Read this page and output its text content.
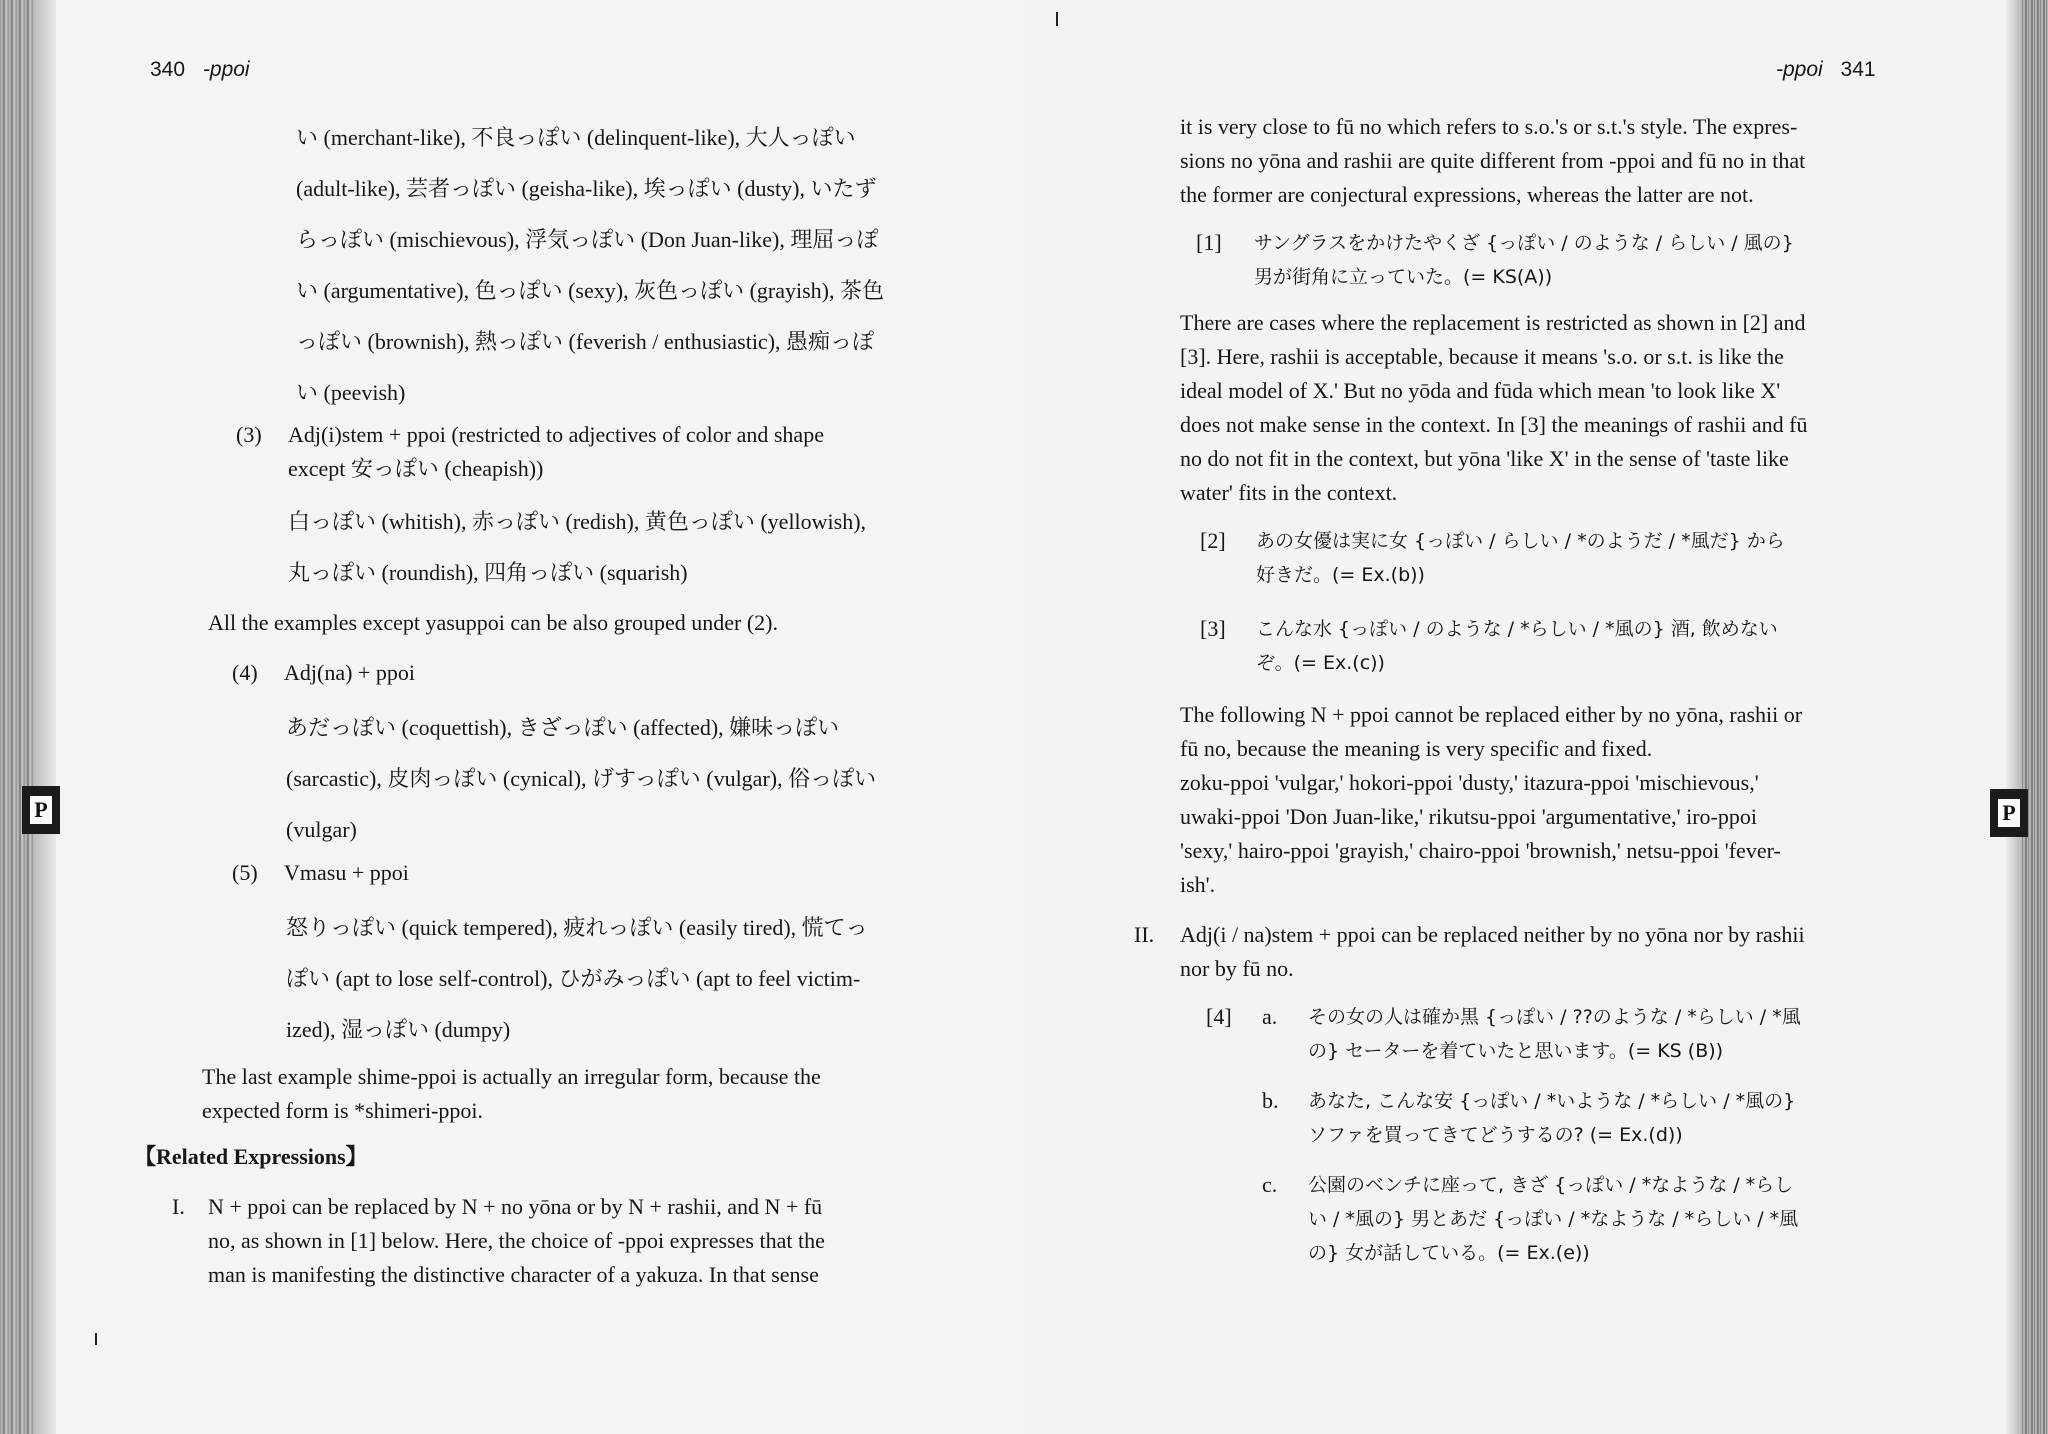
P	P
340 -ppoi
い (merchant-like), 不良っぽい (delinquent-like), 大人っぽい
(adult-like), 芸者っぽい (geisha-like), 埃っぽい (dusty), いたず
らっぽい (mischievous), 浮気っぽい (Don Juan-like), 理屈っぽ
い (argumentative), 色っぽい (sexy), 灰色っぽい (grayish), 茶色
っぽい (brownish), 熱っぽい (feverish / enthusiastic), 愚痴っぽ
い (peevish)
(3) Adj(i)stem + ppoi (restricted to adjectives of color and shape
except 安っぽい (cheapish))
白っぽい (whitish), 赤っぽい (redish), 黄色っぽい (yellowish),
丸っぽい (roundish), 四角っぽい (squarish)
All the examples except yasuppoi can be also grouped under (2).
(4) Adj(na) + ppoi
あだっぽい (coquettish), きざっぽい (affected), 嫌味っぽい
(sarcastic), 皮肉っぽい (cynical), げすっぽい (vulgar), 俗っぽい
(vulgar)
(5) Vmasu + ppoi
怒りっぽい (quick tempered), 疲れっぽい (easily tired), 慌てっ
ぽい (apt to lose self-control), ひがみっぽい (apt to feel victim-
ized), 湿っぽい (dumpy)
The last example shime-ppoi is actually an irregular form, because the
expected form is *shimeri-ppoi.
【Related Expressions】
I.	N + ppoi can be replaced by N + no yōna or by N + rashii, and N + fū
no, as shown in [1] below. Here, the choice of -ppoi expresses that the
man is manifesting the distinctive character of a yakuza. In that sense
-ppoi 341
it is very close to fū no which refers to s.o.'s or s.t.'s style. The expres-
sions no yōna and rashii are quite different from -ppoi and fū no in that
the former are conjectural expressions, whereas the latter are not.
[1]	サングラスをかけたやくざ {っぽい / のような / らしい / 風の}
男が街角に立っていた。(= KS(A))
There are cases where the replacement is restricted as shown in [2] and
[3]. Here, rashii is acceptable, because it means 's.o. or s.t. is like the
ideal model of X.' But no yōda and fūda which mean 'to look like X'
does not make sense in the context. In [3] the meanings of rashii and fū
no do not fit in the context, but yōna 'like X' in the sense of 'taste like
water' fits in the context.
[2]	あの女優は実に女 {っぽい / らしい / *のようだ / *風だ} から
好きだ。(= Ex.(b))
[3]	こんな水 {っぽい / のような / *らしい / *風の} 酒, 飲めない
ぞ。(= Ex.(c))
The following N + ppoi cannot be replaced either by no yōna, rashii or
fū no, because the meaning is very specific and fixed.
zoku-ppoi 'vulgar,' hokori-ppoi 'dusty,' itazura-ppoi 'mischievous,'
uwaki-ppoi 'Don Juan-like,' rikutsu-ppoi 'argumentative,' iro-ppoi
'sexy,' hairo-ppoi 'grayish,' chairo-ppoi 'brownish,' netsu-ppoi 'fever-
ish'.
II.	Adj(i / na)stem + ppoi can be replaced neither by no yōna nor by rashii
nor by fū no.
[4]	a.	その女の人は確か黒 {っぽい / ??のような / *らしい / *風
の} セーターを着ていたと思います。(= KS (B))
b.	あなた, こんな安 {っぽい / *いような / *らしい / *風の}
ソファを買ってきてどうするの? (= Ex.(d))
c.	公園のベンチに座って, きざ {っぽい / *なような / *らし
い / *風の} 男とあだ {っぽい / *なような / *らしい / *風
の} 女が話している。(= Ex.(e))
